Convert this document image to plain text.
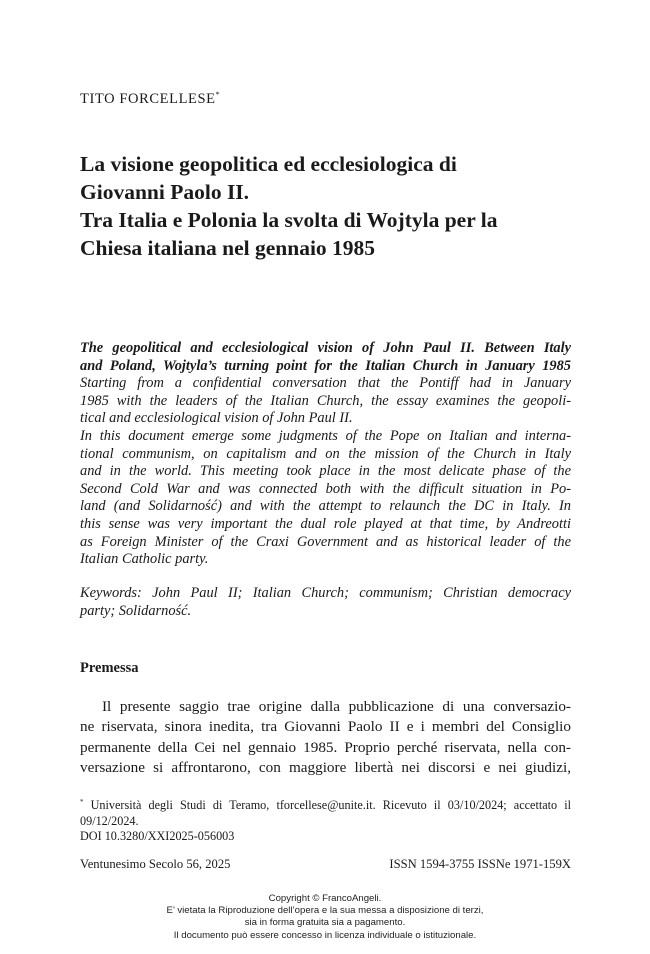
TITO FORCELLESE*
La visione geopolitica ed ecclesiologica di
Giovanni Paolo II.
Tra Italia e Polonia la svolta di Wojtyla per la
Chiesa italiana nel gennaio 1985
The geopolitical and ecclesiological vision of John Paul II. Between Italy
and Poland, Wojtyla’s turning point for the Italian Church in January 1985
Starting from a confidential conversation that the Pontiff had in January
1985 with the leaders of the Italian Church, the essay examines the geopoli-
tical and ecclesiological vision of John Paul II.
In this document emerge some judgments of the Pope on Italian and interna-
tional communism, on capitalism and on the mission of the Church in Italy
and in the world. This meeting took place in the most delicate phase of the
Second Cold War and was connected both with the difficult situation in Po-
land (and Solidarność) and with the attempt to relaunch the DC in Italy. In
this sense was very important the dual role played at that time, by Andreotti
as Foreign Minister of the Craxi Government and as historical leader of the
Italian Catholic party.
Keywords: John Paul II; Italian Church; communism; Christian democracy
party; Solidarność.
Premessa
Il presente saggio trae origine dalla pubblicazione di una conversazio-
ne riservata, sinora inedita, tra Giovanni Paolo II e i membri del Consiglio
permanente della Cei nel gennaio 1985. Proprio perché riservata, nella con-
versazione si affrontarono, con maggiore libertà nei discorsi e nei giudizi,
* Università degli Studi di Teramo, tforcellese@unite.it. Ricevuto il 03/10/2024; accettato il
09/12/2024.
DOI 10.3280/XXI2025-056003
Ventunesimo Secolo 56, 2025	ISSN 1594-3755 ISSNe 1971-159X
Copyright © FrancoAngeli.
E’ vietata la Riproduzione dell’opera e la sua messa a disposizione di terzi,
sia in forma gratuita sia a pagamento.
Il documento può essere concesso in licenza individuale o istituzionale.
